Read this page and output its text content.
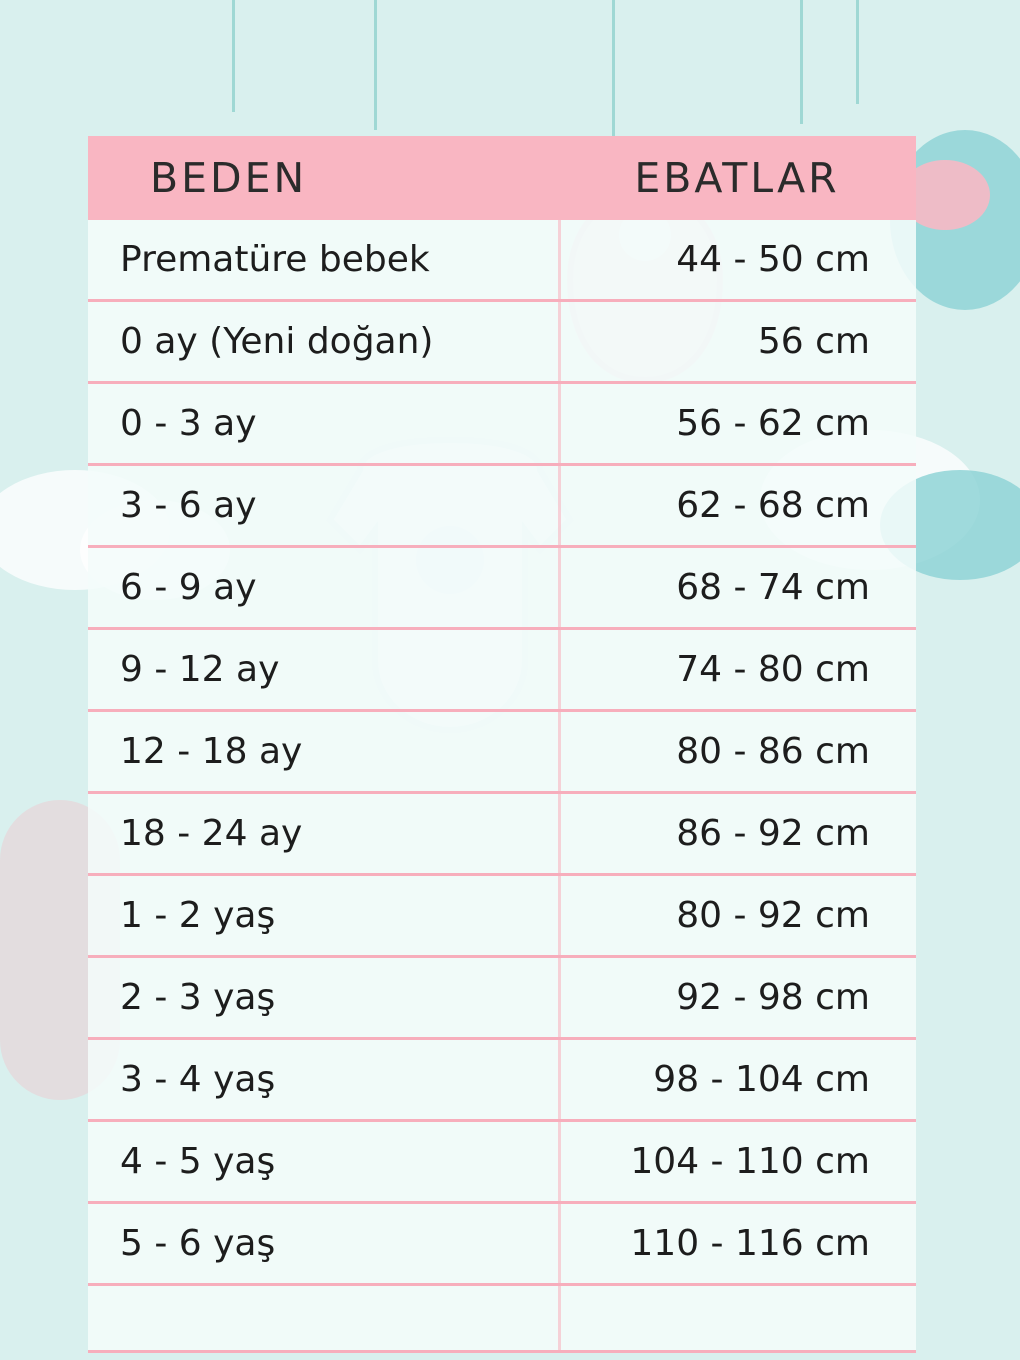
BEDEN	EBATLAR
Prematüre bebek	44 - 50 cm
0 ay (Yeni doğan)	56 cm
0 - 3 ay	56 - 62 cm
3 - 6 ay	62 - 68 cm
6 - 9 ay	68 - 74 cm
9 - 12 ay	74 - 80 cm
12 - 18 ay	80 - 86 cm
18 - 24 ay	86 - 92 cm
1 - 2 yaş	80 - 92 cm
2 - 3 yaş	92 - 98 cm
3 - 4 yaş	98 - 104 cm
4 - 5 yaş	104 - 110 cm
5 - 6 yaş	110 - 116 cm
